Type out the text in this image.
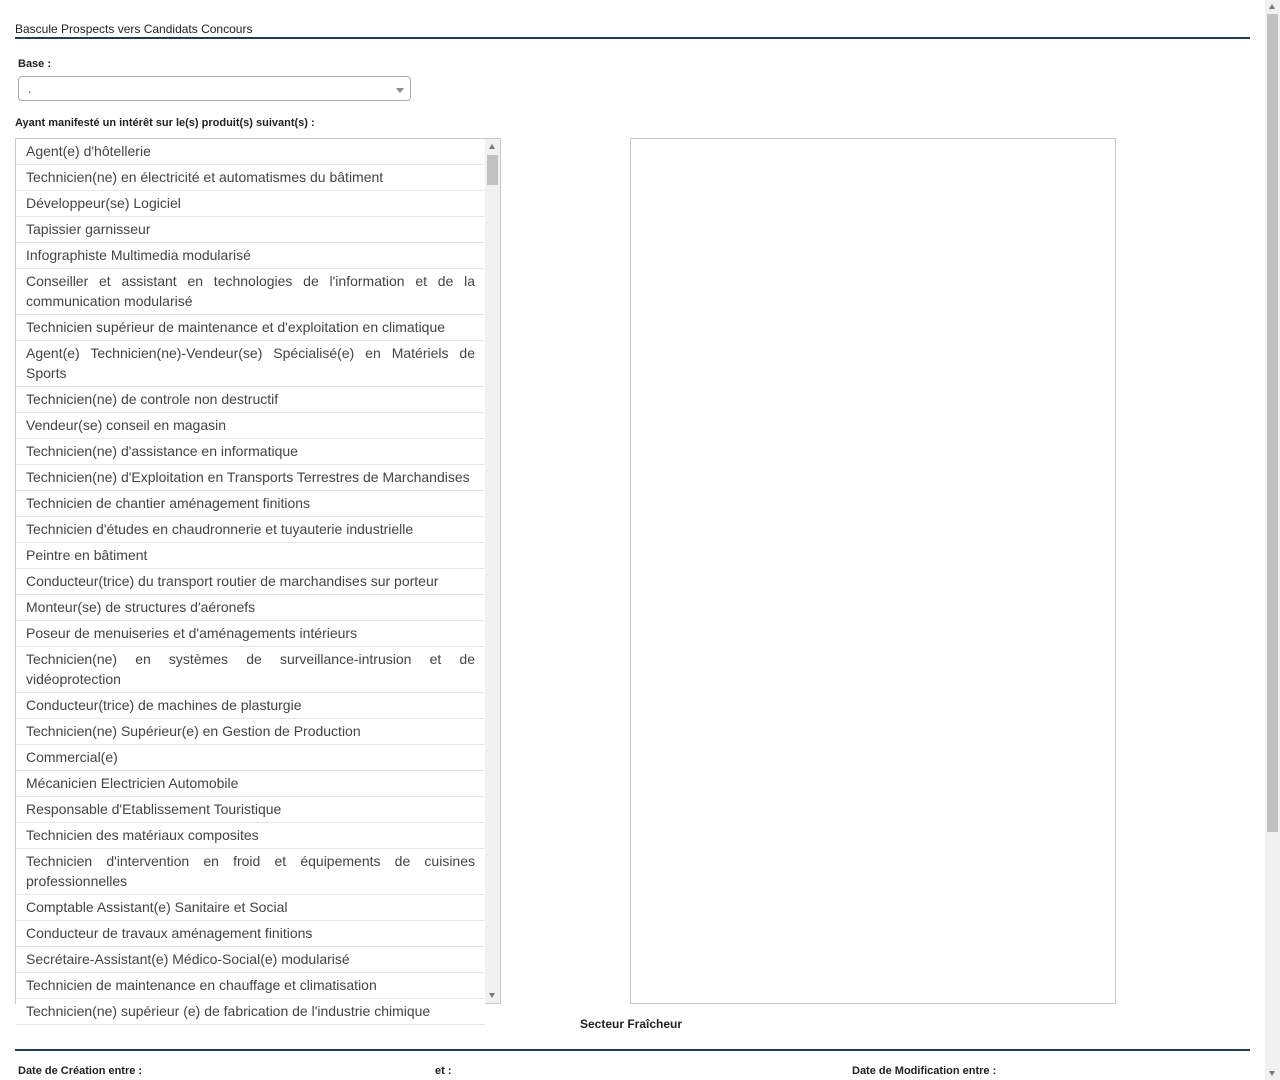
Bascule Prospects vers Candidats Concours
Base :
.
Ayant manifesté un intérêt sur le(s) produit(s) suivant(s) :
Agent(e) d'hôtellerie
Technicien(ne) en électricité et automatismes du bâtiment
Développeur(se) Logiciel
Tapissier garnisseur
Infographiste Multimedia modularisé
Conseiller et assistant en technologies de l'information et de la communication modularisé
Technicien supérieur de maintenance et d'exploitation en climatique
Agent(e) Technicien(ne)-Vendeur(se) Spécialisé(e) en Matériels de Sports
Technicien(ne) de controle non destructif
Vendeur(se) conseil en magasin
Technicien(ne) d'assistance en informatique
Technicien(ne) d'Exploitation en Transports Terrestres de Marchandises
Technicien de chantier aménagement finitions
Technicien d'études en chaudronnerie et tuyauterie industrielle
Peintre en bâtiment
Conducteur(trice) du transport routier de marchandises sur porteur
Monteur(se) de structures d'aéronefs
Poseur de menuiseries et d'aménagements intérieurs
Technicien(ne) en systèmes de surveillance-intrusion et de vidéoprotection
Conducteur(trice) de machines de plasturgie
Technicien(ne) Supérieur(e) en Gestion de Production
Commercial(e)
Mécanicien Electricien Automobile
Responsable d'Etablissement Touristique
Technicien des matériaux composites
Technicien d'intervention en froid et équipements de cuisines professionnelles
Comptable Assistant(e) Sanitaire et Social
Conducteur de travaux aménagement finitions
Secrétaire-Assistant(e) Médico-Social(e) modularisé
Technicien de maintenance en chauffage et climatisation
Technicien(ne) supérieur (e) de fabrication de l'industrie chimique
Secteur Fraîcheur
Date de Création entre :	et :	Date de Modification entre :
